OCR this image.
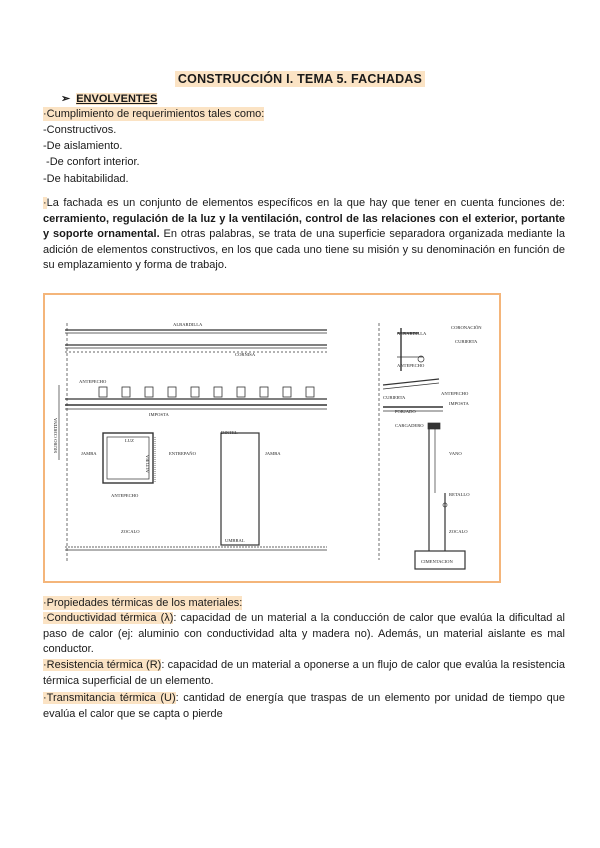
CONSTRUCCIÓN I. TEMA 5. FACHADAS
➢ ENVOLVENTES
·Cumplimiento de requerimientos tales como:
-Constructivos.
-De aislamiento.
-De confort interior.
-De habitabilidad.
·La fachada es un conjunto de elementos específicos en la que hay que tener en cuenta funciones de: cerramiento, regulación de la luz y la ventilación, control de las relaciones con el exterior, portante y soporte ornamental. En otras palabras, se trata de una superficie separadora organizada mediante la adición de elementos constructivos, en los que cada uno tiene su misión y su denominación en función de su emplazamiento y forma de trabajo.
ALBARDILLA
CORNISA
ANTEPECHO
IMPOSTA
LUZ
JAMBA
DINTEL
ENTREPAÑO	JAMBA
ANTEPECHO
ZOCALO
UMBRAL
MURO CORTINA
ALTURA
ALBARDILLA
CORONACIÓN
CUBIERTA
ANTEPECHO
CUBIERTA
ANTEPECHO
IMPOSTA
FORJADO
CARGADERO
VANO
RETALLO
ZOCALO
CIMENTACION
·Propiedades térmicas de los materiales:
·Conductividad térmica (λ): capacidad de un material a la conducción de calor que evalúa la dificultad al paso de calor (ej: aluminio con conductividad alta y madera no). Además, un material aislante es mal conductor.
·Resistencia térmica (R): capacidad de un material a oponerse a un flujo de calor que evalúa la resistencia térmica superficial de un elemento.
·Transmitancia térmica (U): cantidad de energía que traspas de un elemento por unidad de tiempo que evalúa el calor que se capta o pierde
